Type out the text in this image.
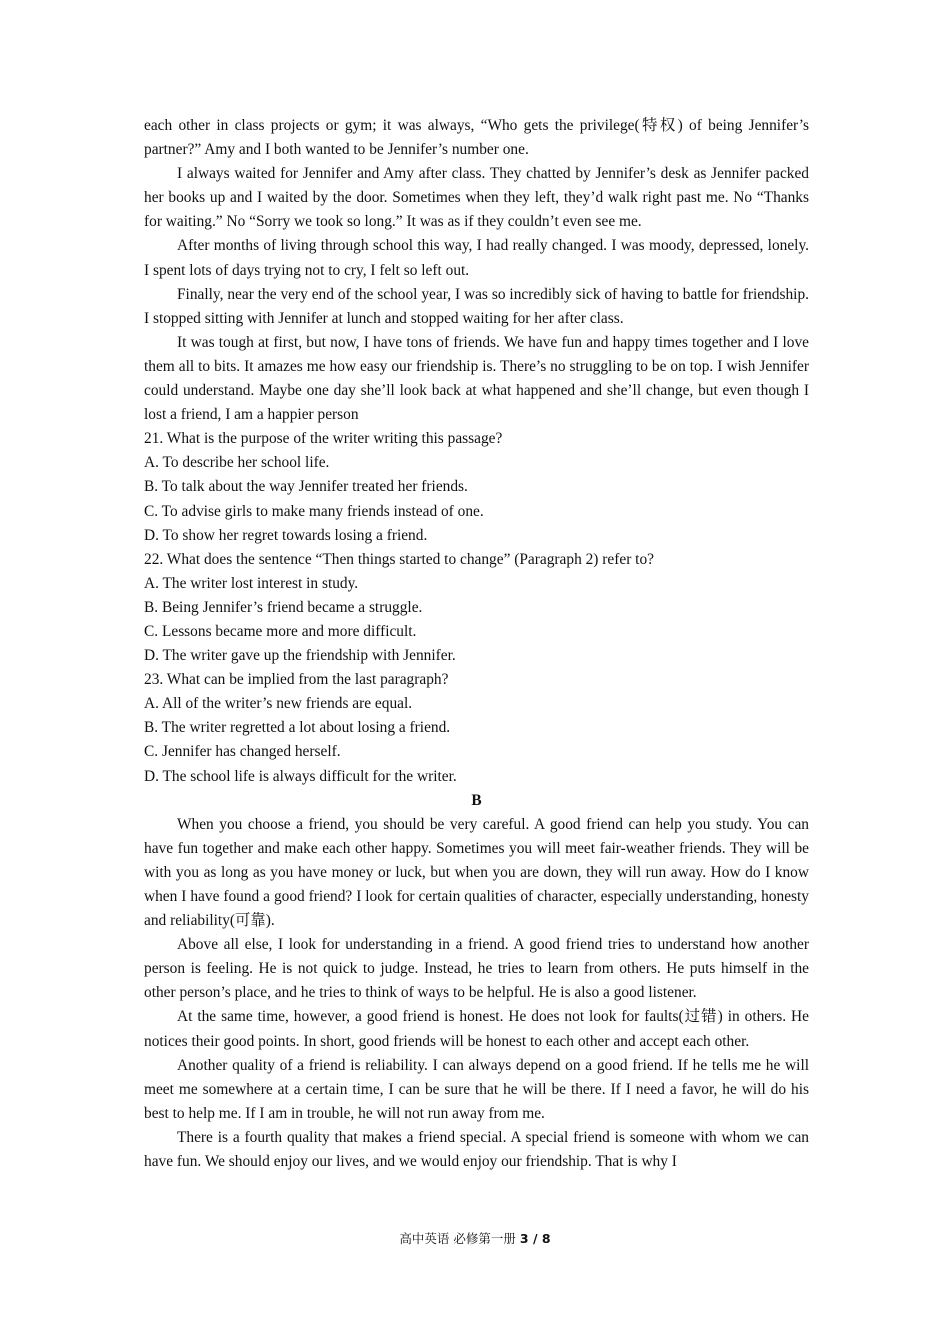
each other in class projects or gym; it was always, “Who gets the privilege(特权) of being Jennifer’s partner?” Amy and I both wanted to be Jennifer’s number one.

I always waited for Jennifer and Amy after class. They chatted by Jennifer’s desk as Jennifer packed her books up and I waited by the door. Sometimes when they left, they’d walk right past me. No “Thanks for waiting.” No “Sorry we took so long.” It was as if they couldn’t even see me.

After months of living through school this way, I had really changed. I was moody, depressed, lonely. I spent lots of days trying not to cry, I felt so left out.

Finally, near the very end of the school year, I was so incredibly sick of having to battle for friendship. I stopped sitting with Jennifer at lunch and stopped waiting for her after class.

It was tough at first, but now, I have tons of friends. We have fun and happy times together and I love them all to bits. It amazes me how easy our friendship is. There’s no struggling to be on top. I wish Jennifer could understand. Maybe one day she’ll look back at what happened and she’ll change, but even though I lost a friend, I am a happier person

21. What is the purpose of the writer writing this passage?

A. To describe her school life.

B. To talk about the way Jennifer treated her friends.

C. To advise girls to make many friends instead of one.

D. To show her regret towards losing a friend.

22. What does the sentence “Then things started to change” (Paragraph 2) refer to?

A. The writer lost interest in study.

B. Being Jennifer’s friend became a struggle.

C. Lessons became more and more difficult.

D. The writer gave up the friendship with Jennifer.

23. What can be implied from the last paragraph?

A. All of the writer’s new friends are equal.

B. The writer regretted a lot about losing a friend.

C. Jennifer has changed herself.

D. The school life is always difficult for the writer.

B

When you choose a friend, you should be very careful. A good friend can help you study. You can have fun together and make each other happy. Sometimes you will meet fair-weather friends. They will be with you as long as you have money or luck, but when you are down, they will run away. How do I know when I have found a good friend? I look for certain qualities of character, especially understanding, honesty and reliability(可靠).

Above all else, I look for understanding in a friend. A good friend tries to understand how another person is feeling. He is not quick to judge. Instead, he tries to learn from others. He puts himself in the other person’s place, and he tries to think of ways to be helpful. He is also a good listener.

At the same time, however, a good friend is honest. He does not look for faults(过错) in others. He notices their good points. In short, good friends will be honest to each other and accept each other.

Another quality of a friend is reliability. I can always depend on a good friend. If he tells me he will meet me somewhere at a certain time, I can be sure that he will be there. If I need a favor, he will do his best to help me. If I am in trouble, he will not run away from me.

There is a fourth quality that makes a friend special. A special friend is someone with whom we can have fun. We should enjoy our lives, and we would enjoy our friendship. That is why I

高中英语 必修第一册 3 / 8
